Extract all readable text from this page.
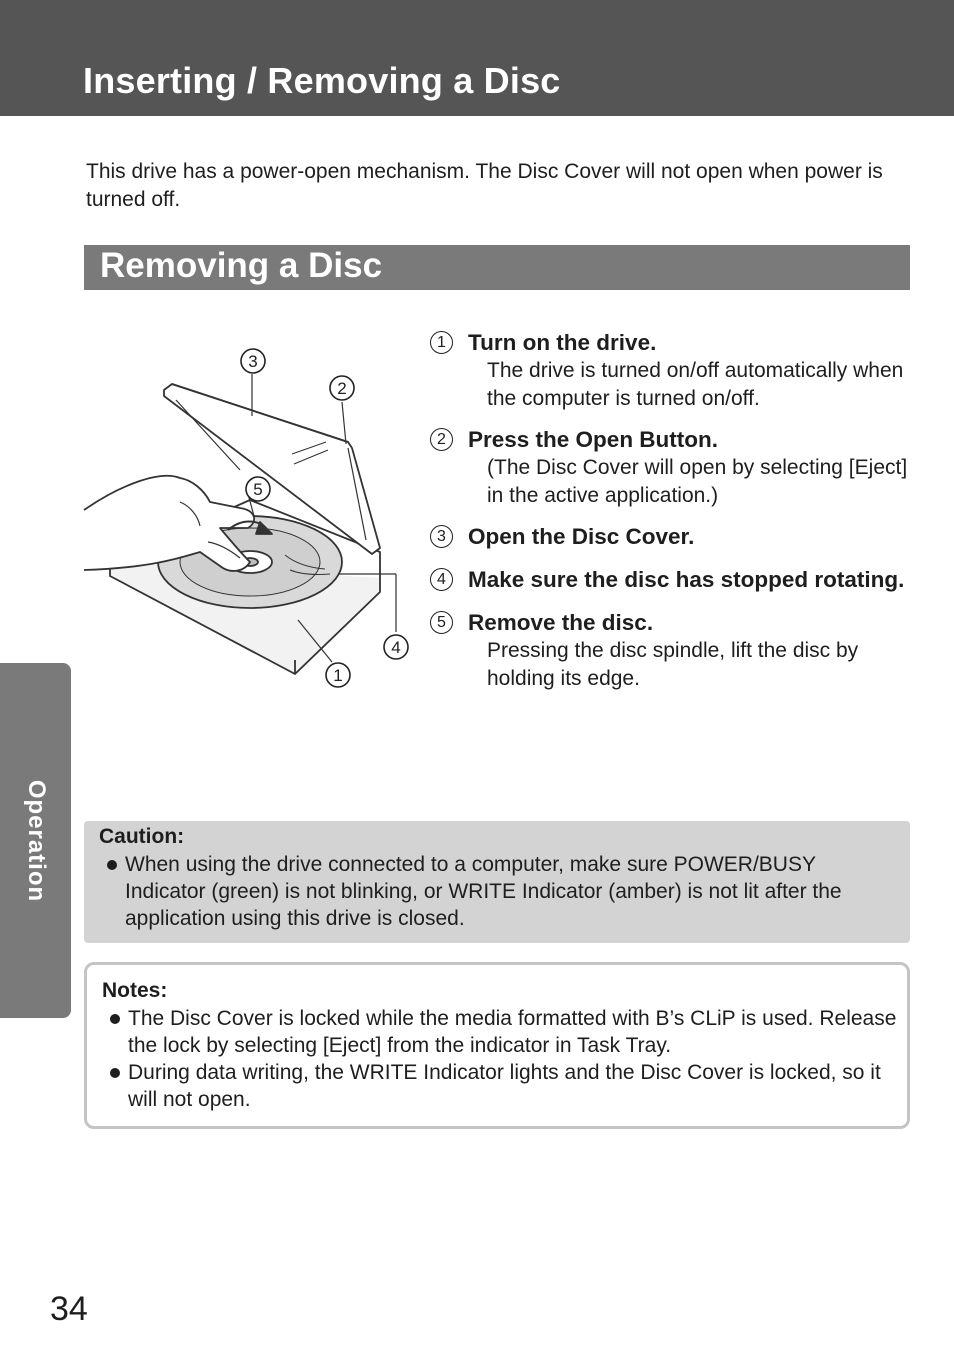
Inserting / Removing a Disc

This drive has a power-open mechanism. The Disc Cover will not open when power is turned off.

Removing a Disc
3
2
5
4
1
1 Turn on the drive.
The drive is turned on/off automatically when the computer is turned on/off.
2 Press the Open Button.
(The Disc Cover will open by selecting [Eject] in the active application.)
3 Open the Disc Cover.
4 Make sure the disc has stopped rotating.
5 Remove the disc.
Pressing the disc spindle, lift the disc by holding its edge.
Operation Caution:
When using the drive connected to a computer, make sure POWER/BUSY Indicator (green) is not blinking, or WRITE Indicator (amber) is not lit after the application using this drive is closed.
Notes:
The Disc Cover is locked while the media formatted with B’s CLiP is used. Release the lock by selecting [Eject] from the indicator in Task Tray.
During data writing, the WRITE Indicator lights and the Disc Cover is locked, so it will not open.
34
